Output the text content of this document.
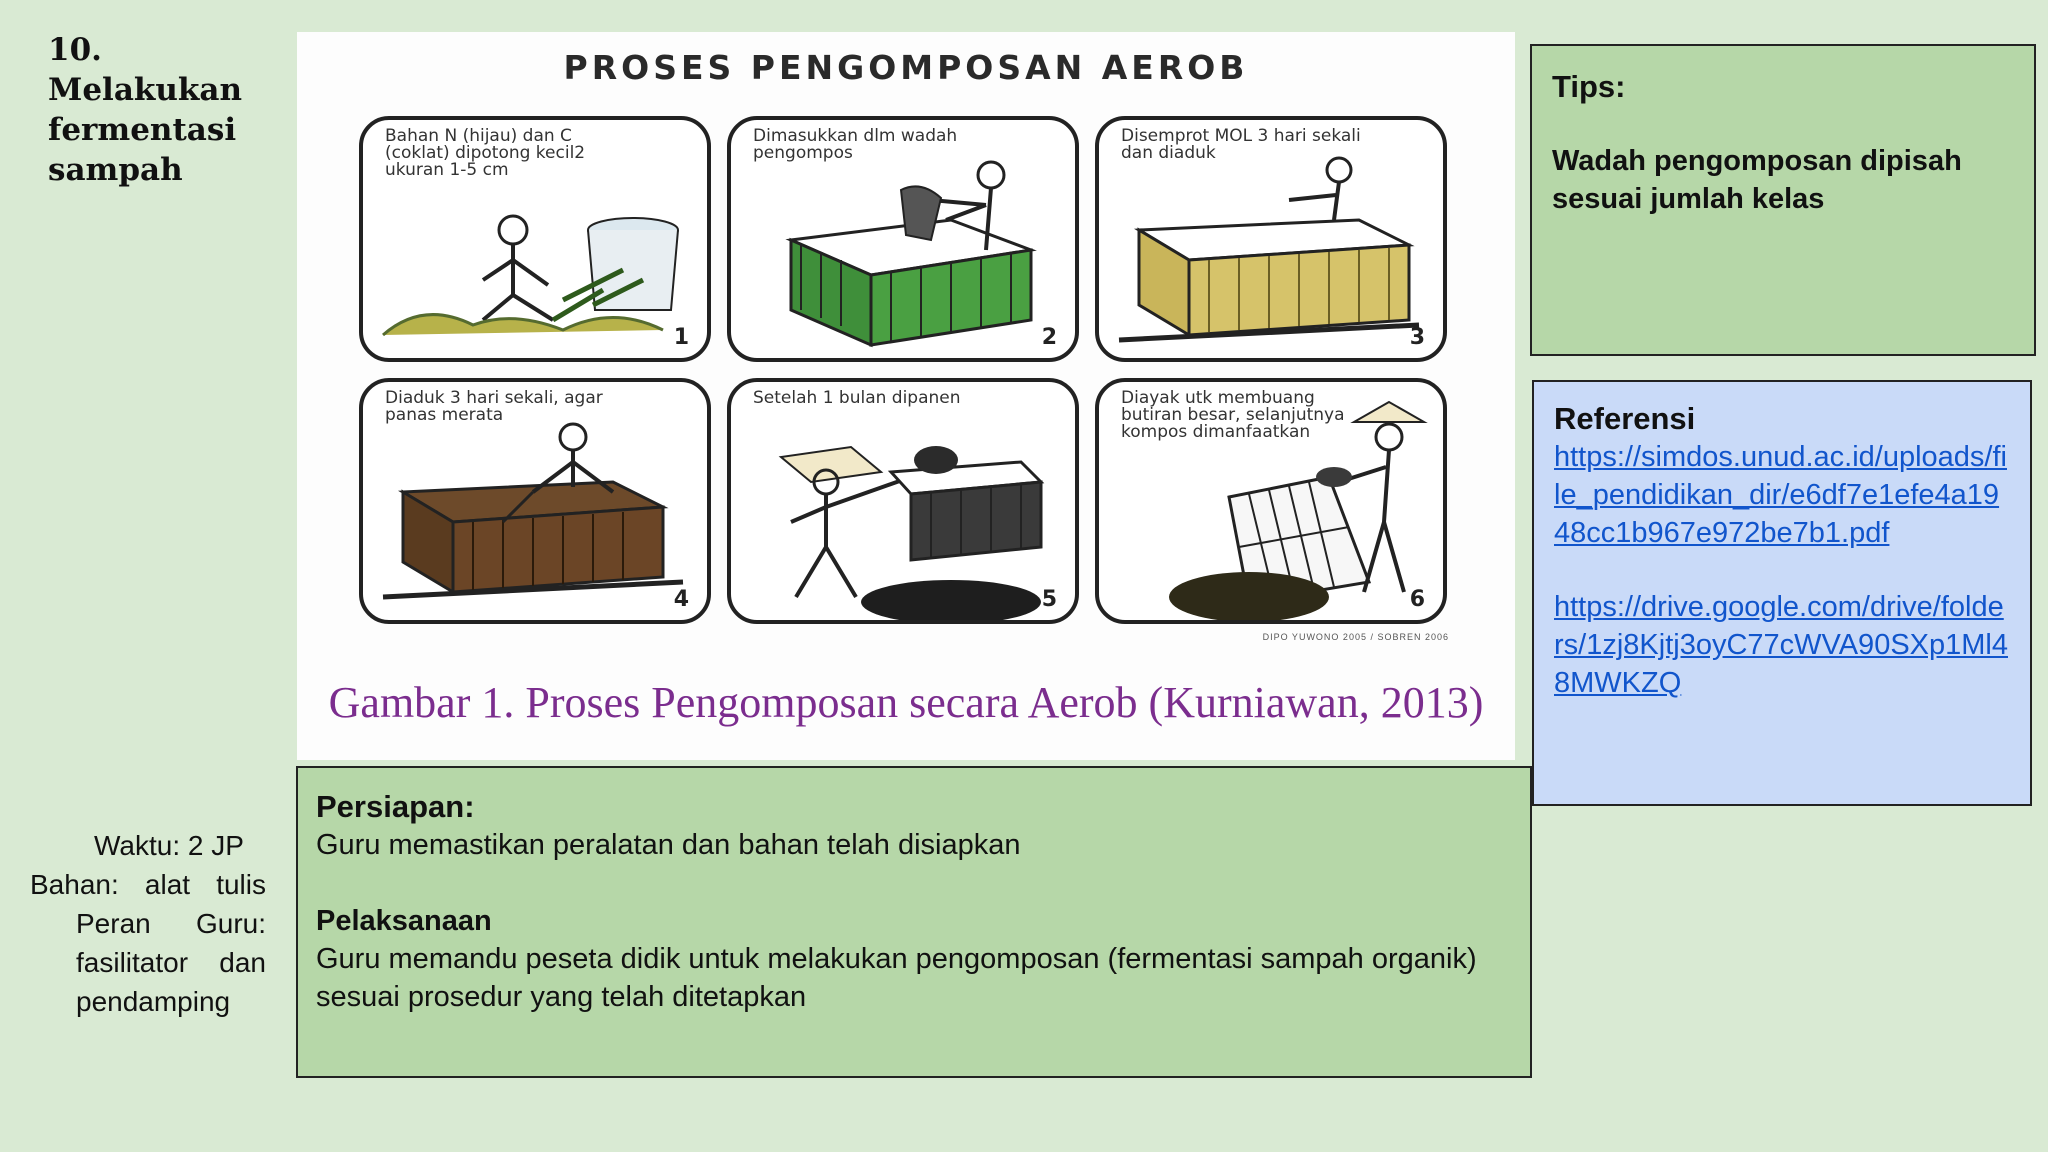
10. Melakukan fermentasi sampah
Waktu: 2 JP
Bahan: alat tulis
Peran Guru:
fasilitator dan
pendamping
PROSES PENGOMPOSAN AEROB
Bahan N (hijau) dan C (coklat) dipotong kecil2 ukuran 1-5 cm
1
Dimasukkan dlm wadah pengompos
2
Disemprot MOL 3 hari sekali dan diaduk
3
Diaduk 3 hari sekali, agar panas merata
4
Setelah 1 bulan dipanen
5
Diayak utk membuang butiran besar, selanjutnya kompos dimanfaatkan
6
DIPO YUWONO 2005 / SOBREN 2006
Gambar 1. Proses Pengomposan secara Aerob (Kurniawan, 2013)
Tips:
Wadah pengomposan dipisah sesuai jumlah kelas
Referensi
https://simdos.unud.ac.id/uploads/file_pendidikan_dir/e6df7e1efe4a1948cc1b967e972be7b1.pdf
https://drive.google.com/drive/folders/1zj8Kjtj3oyC77cWVA90SXp1Ml48MWKZQ
Persiapan:
Guru memastikan peralatan dan bahan telah disiapkan
Pelaksanaan
Guru memandu peseta didik untuk melakukan pengomposan (fermentasi sampah organik) sesuai prosedur yang telah ditetapkan
